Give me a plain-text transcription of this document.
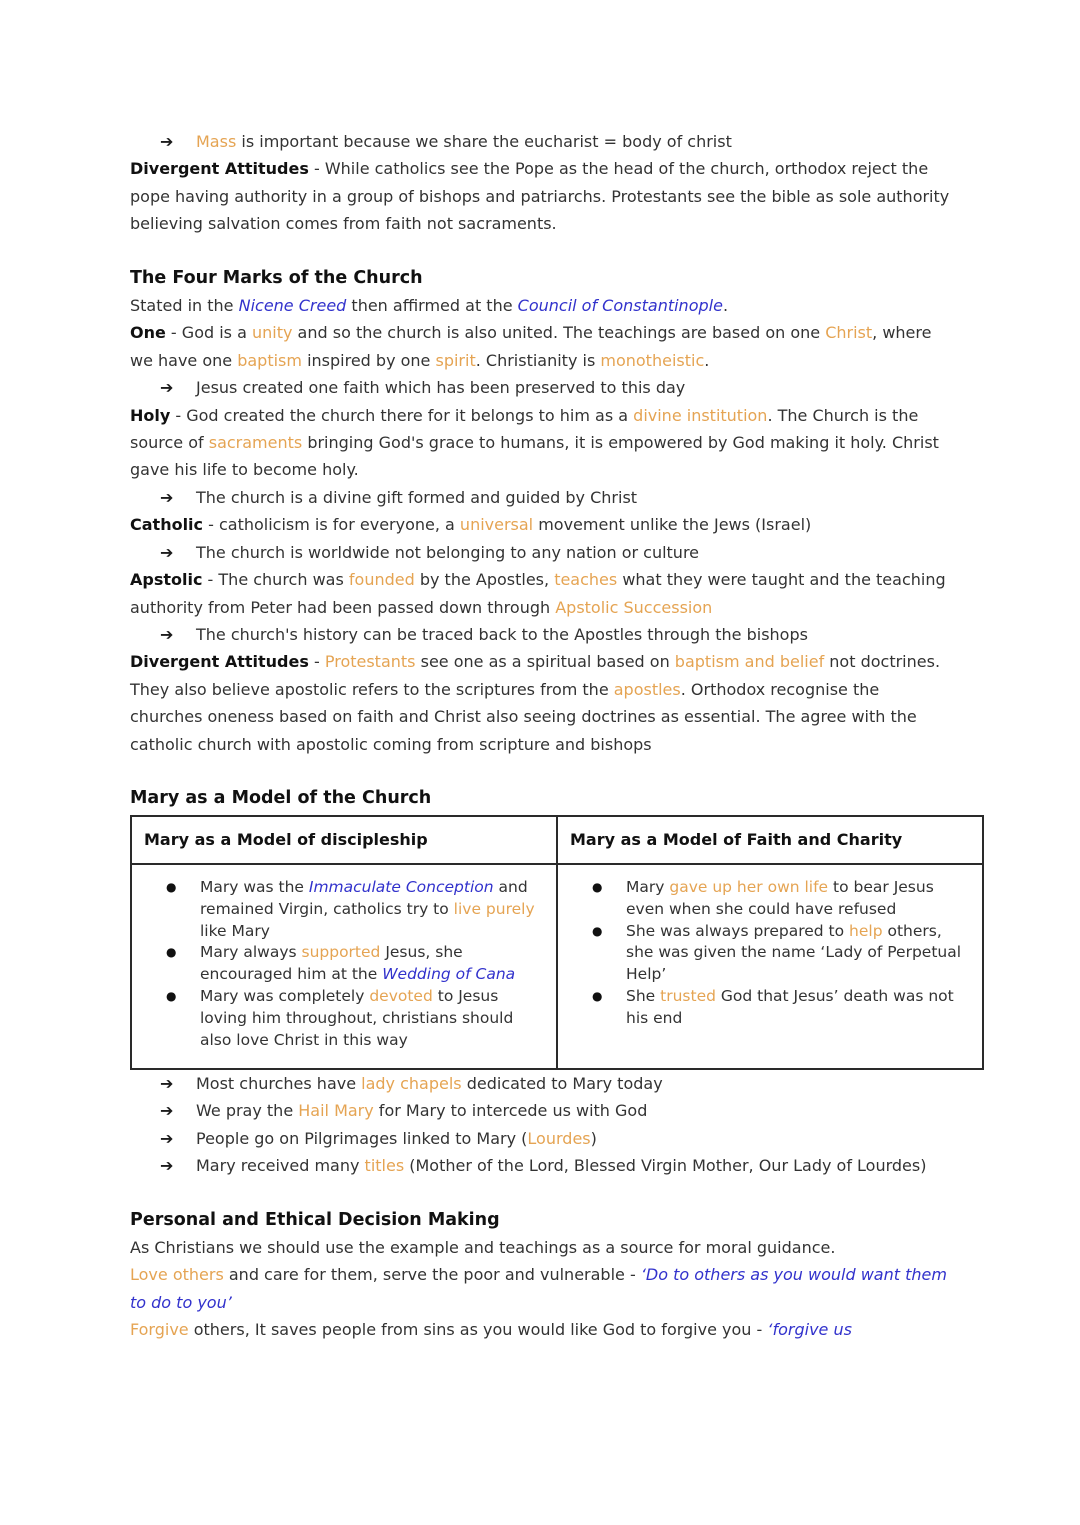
➔	Mass is important because we share the eucharist = body of christ
Divergent Attitudes - While catholics see the Pope as the head of the church, orthodox reject the pope having authority in a group of bishops and patriarchs. Protestants see the bible as sole authority believing salvation comes from faith not sacraments.
The Four Marks of the Church
Stated in the Nicene Creed then affirmed at the Council of Constantinople.
One - God is a unity and so the church is also united. The teachings are based on one Christ, where we have one baptism inspired by one spirit. Christianity is monotheistic.
➔	Jesus created one faith which has been preserved to this day
Holy - God created the church there for it belongs to him as a divine institution. The Church is the source of sacraments bringing God's grace to humans, it is empowered by God making it holy. Christ gave his life to become holy.
➔	The church is a divine gift formed and guided by Christ
Catholic - catholicism is for everyone, a universal movement unlike the Jews (Israel)
➔	The church is worldwide not belonging to any nation or culture
Apstolic - The church was founded by the Apostles, teaches what they were taught and the teaching authority from Peter had been passed down through Apstolic Succession
➔	The church's history can be traced back to the Apostles through the bishops
Divergent Attitudes - Protestants see one as a spiritual based on baptism and belief not doctrines. They also believe apostolic refers to the scriptures from the apostles. Orthodox recognise the churches oneness based on faith and Christ also seeing doctrines as essential. The agree with the catholic church with apostolic coming from scripture and bishops
Mary as a Model of the Church
Mary as a Model of discipleship	Mary as a Model of Faith and Charity

●	Mary was the Immaculate Conception and remained Virgin, catholics try to live purely like Mary
●	Mary always supported Jesus, she encouraged him at the Wedding of Cana
●	Mary was completely devoted to Jesus loving him throughout, christians should also love Christ in this way

●	Mary gave up her own life to bear Jesus even when she could have refused
●	She was always prepared to help others, she was given the name ‘Lady of Perpetual Help’
●	She trusted God that Jesus’ death was not his end
➔	Most churches have lady chapels dedicated to Mary today
➔	We pray the Hail Mary for Mary to intercede us with God
➔	People go on Pilgrimages linked to Mary (Lourdes)
➔	Mary received many titles (Mother of the Lord, Blessed Virgin Mother, Our Lady of Lourdes)
Personal and Ethical Decision Making
As Christians we should use the example and teachings as a source for moral guidance.
Love others and care for them, serve the poor and vulnerable - ‘Do to others as you would want them to do to you’
Forgive others, It saves people from sins as you would like God to forgive you - ‘forgive us
